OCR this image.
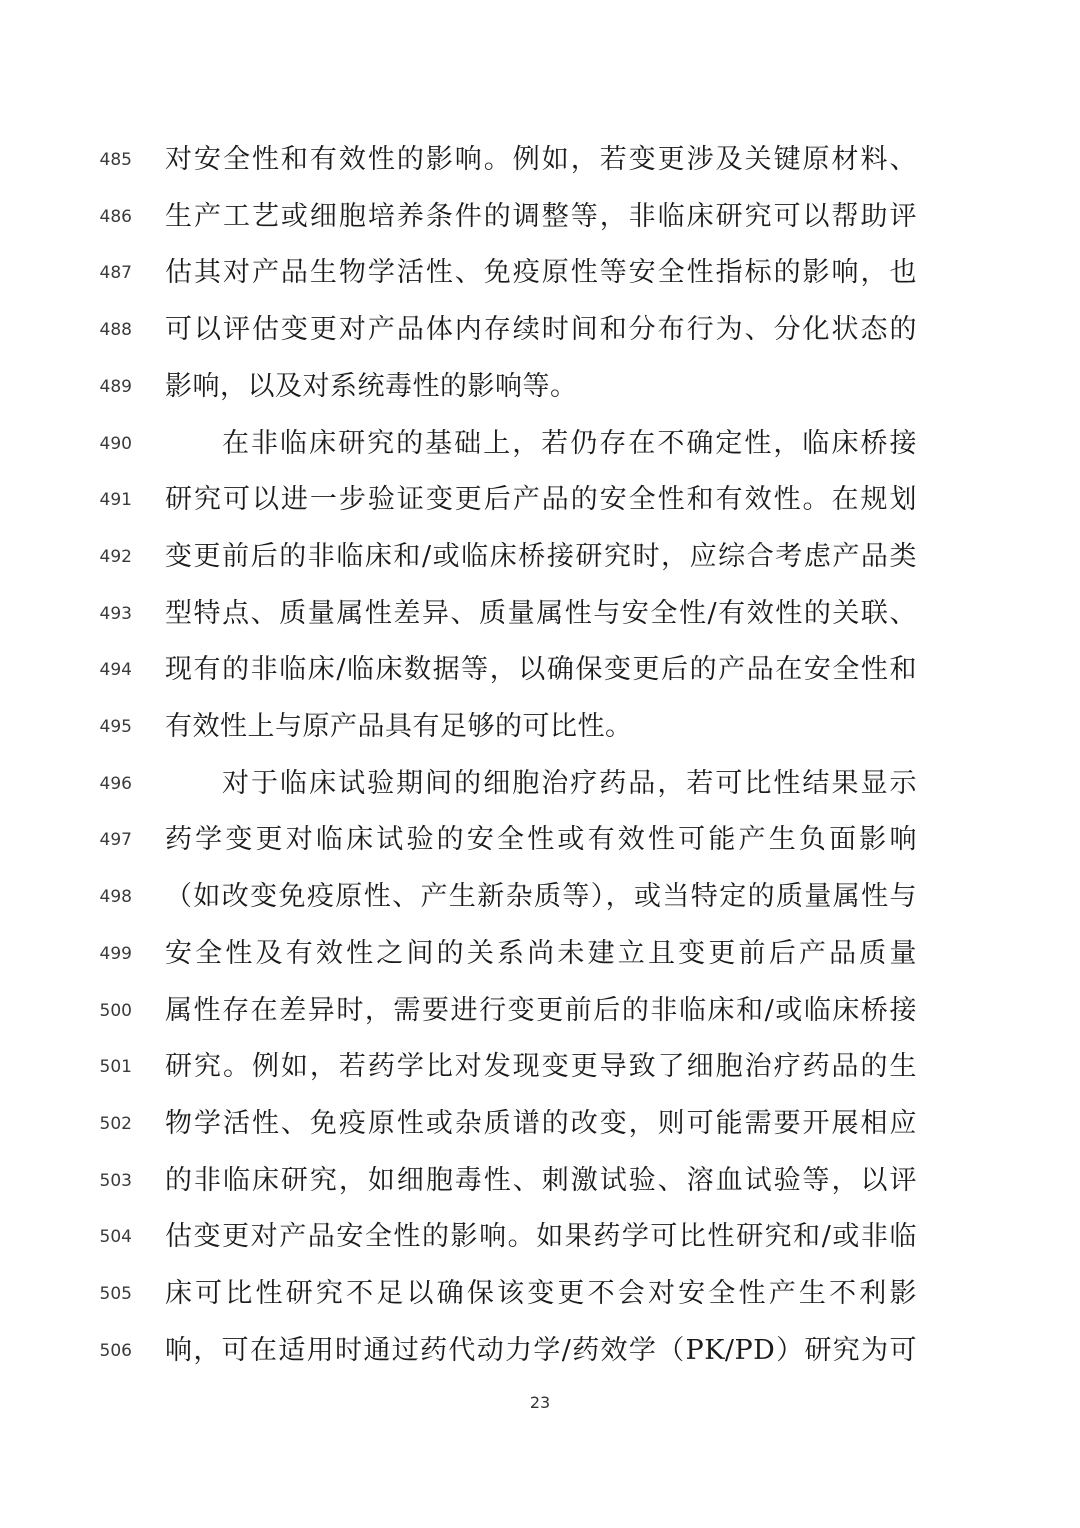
485 对安全性和有效性的影响。例如，若变更涉及关键原材料、
486 生产工艺或细胞培养条件的调整等，非临床研究可以帮助评
487 估其对产品生物学活性、免疫原性等安全性指标的影响，也
488 可以评估变更对产品体内存续时间和分布行为、分化状态的
489 影响，以及对系统毒性的影响等。
490	在非临床研究的基础上，若仍存在不确定性，临床桥接
491 研究可以进一步验证变更后产品的安全性和有效性。在规划
492 变更前后的非临床和/或临床桥接研究时，应综合考虑产品类
493 型特点、质量属性差异、质量属性与安全性/有效性的关联、
494 现有的非临床/临床数据等，以确保变更后的产品在安全性和
495 有效性上与原产品具有足够的可比性。
496	对于临床试验期间的细胞治疗药品，若可比性结果显示
497 药学变更对临床试验的安全性或有效性可能产生负面影响
498 （如改变免疫原性、产生新杂质等），或当特定的质量属性与
499 安全性及有效性之间的关系尚未建立且变更前后产品质量
500 属性存在差异时，需要进行变更前后的非临床和/或临床桥接
501 研究。例如，若药学比对发现变更导致了细胞治疗药品的生
502 物学活性、免疫原性或杂质谱的改变，则可能需要开展相应
503 的非临床研究，如细胞毒性、刺激试验、溶血试验等，以评
504 估变更对产品安全性的影响。如果药学可比性研究和/或非临
505 床可比性研究不足以确保该变更不会对安全性产生不利影
506 响，可在适用时通过药代动力学/药效学（PK/PD）研究为可
23
